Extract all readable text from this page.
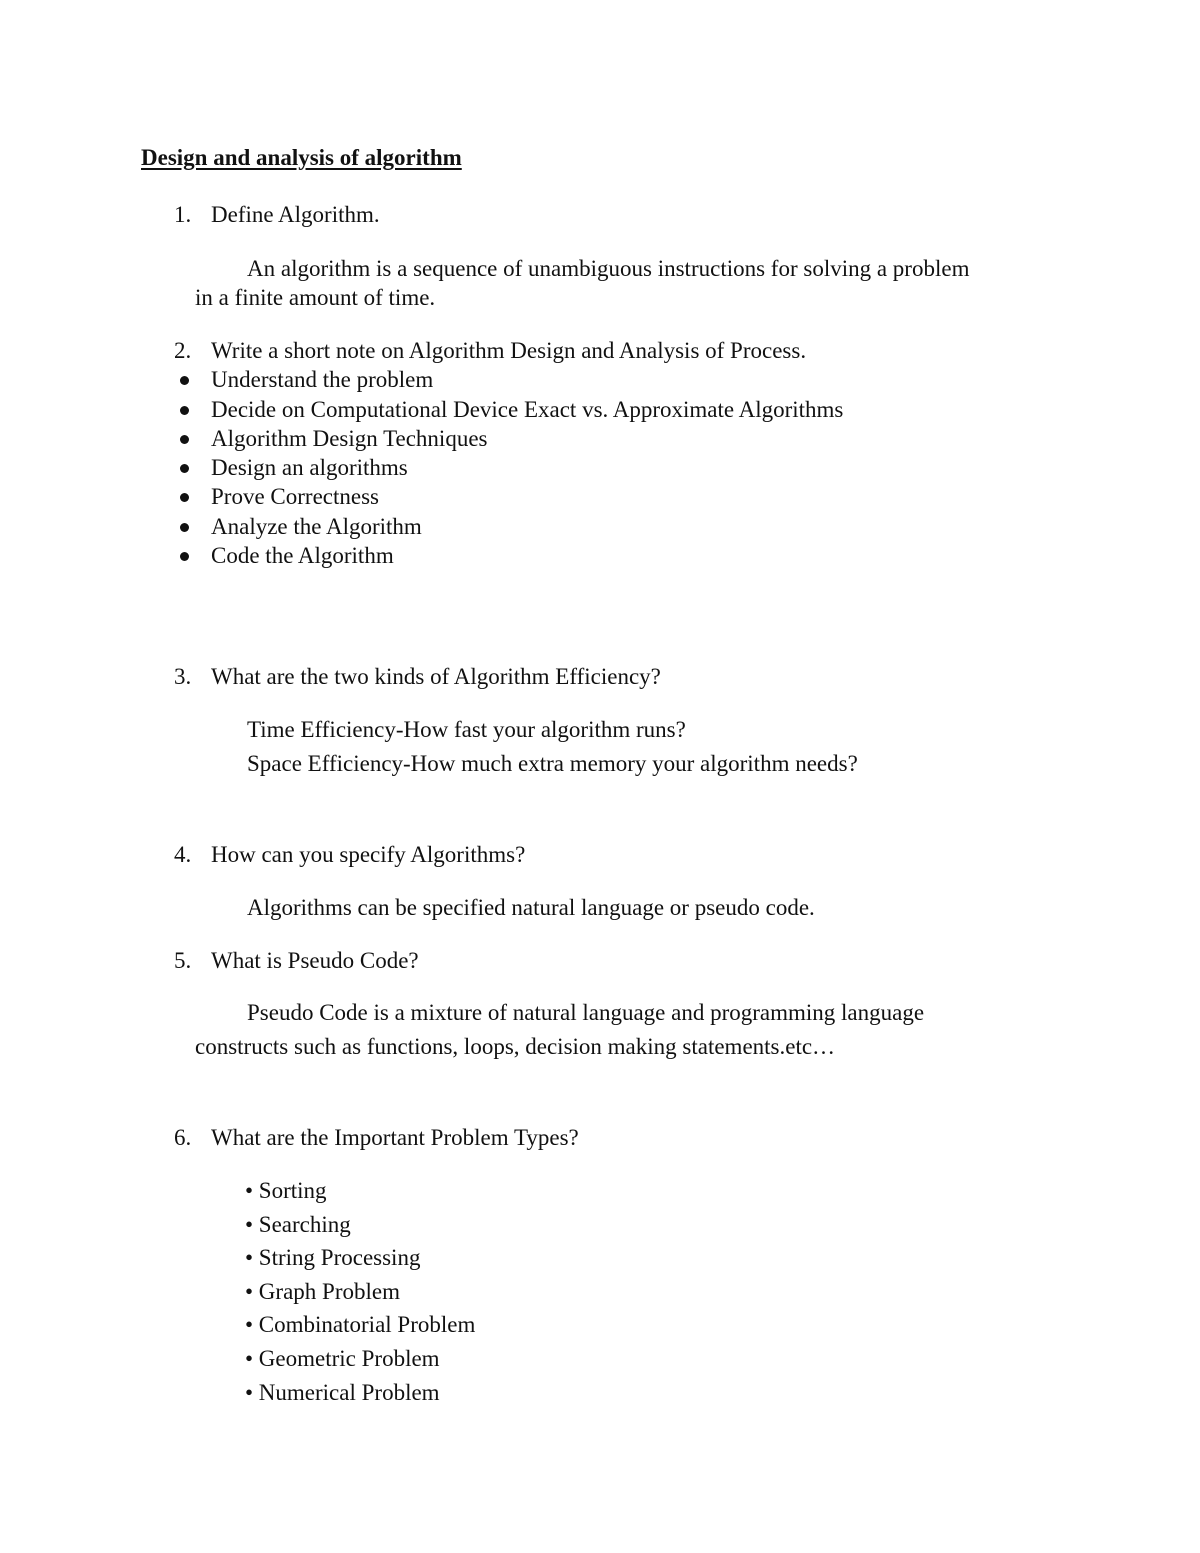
Design and analysis of algorithm
1. Define Algorithm.
An algorithm is a sequence of unambiguous instructions for solving a problem
in a finite amount of time.
2. Write a short note on Algorithm Design and Analysis of Process.
Understand the problem
Decide on Computational Device Exact vs. Approximate Algorithms
Algorithm Design Techniques
Design an algorithms
Prove Correctness
Analyze the Algorithm
Code the Algorithm
3. What are the two kinds of Algorithm Efficiency?
Time Efficiency-How fast your algorithm runs?
Space Efficiency-How much extra memory your algorithm needs?
4. How can you specify Algorithms?
Algorithms can be specified natural language or pseudo code.
5. What is Pseudo Code?
Pseudo Code is a mixture of natural language and programming language
constructs such as functions, loops, decision making statements.etc…
6. What are the Important Problem Types?
• Sorting
• Searching
• String Processing
• Graph Problem
• Combinatorial Problem
• Geometric Problem
• Numerical Problem
